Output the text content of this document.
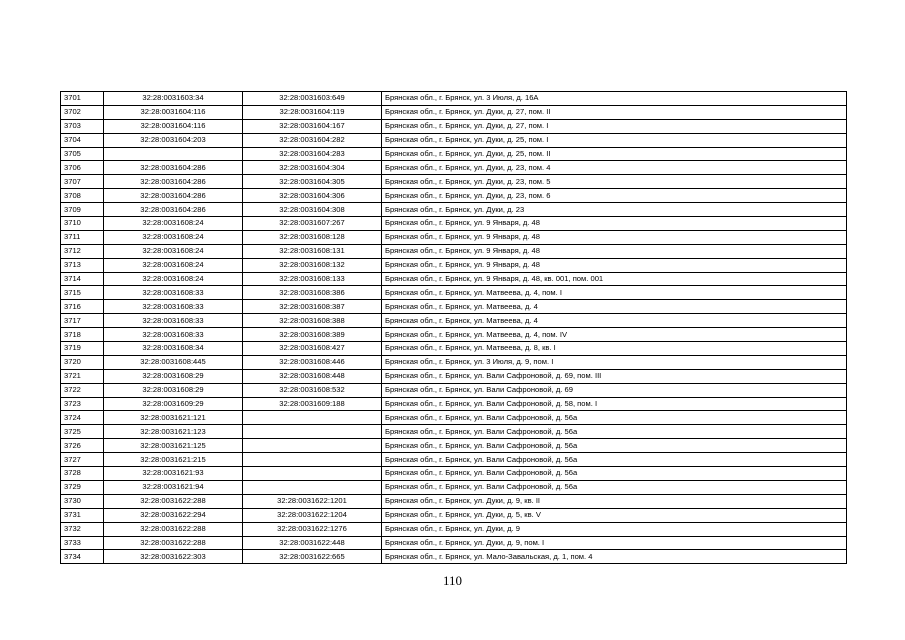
3701	32:28:0031603:34	32:28:0031603:649	Брянская обл., г. Брянск, ул. 3 Июля, д. 16А
3702	32:28:0031604:116	32:28:0031604:119	Брянская обл., г. Брянск, ул. Дуки, д. 27, пом. II
3703	32:28:0031604:116	32:28:0031604:167	Брянская обл., г. Брянск, ул. Дуки, д. 27, пом. I
3704	32:28:0031604:203	32:28:0031604:282	Брянская обл., г. Брянск, ул. Дуки, д. 25, пом. I
3705		32:28:0031604:283	Брянская обл., г. Брянск, ул. Дуки, д. 25, пом. II
3706	32:28:0031604:286	32:28:0031604:304	Брянская обл., г. Брянск, ул. Дуки, д. 23, пом. 4
3707	32:28:0031604:286	32:28:0031604:305	Брянская обл., г. Брянск, ул. Дуки, д. 23, пом. 5
3708	32:28:0031604:286	32:28:0031604:306	Брянская обл., г. Брянск, ул. Дуки, д. 23, пом. 6
3709	32:28:0031604:286	32:28:0031604:308	Брянская обл., г. Брянск, ул. Дуки, д. 23
3710	32:28:0031608:24	32:28:0031607:267	Брянская обл., г. Брянск, ул. 9 Января, д. 48
3711	32:28:0031608:24	32:28:0031608:128	Брянская обл., г. Брянск, ул. 9 Января, д. 48
3712	32:28:0031608:24	32:28:0031608:131	Брянская обл., г. Брянск, ул. 9 Января, д. 48
3713	32:28:0031608:24	32:28:0031608:132	Брянская обл., г. Брянск, ул. 9 Января, д. 48
3714	32:28:0031608:24	32:28:0031608:133	Брянская обл., г. Брянск, ул. 9 Января, д. 48, кв. 001, пом. 001
3715	32:28:0031608:33	32:28:0031608:386	Брянская обл., г. Брянск, ул. Матвеева, д. 4, пом. I
3716	32:28:0031608:33	32:28:0031608:387	Брянская обл., г. Брянск, ул. Матвеева, д. 4
3717	32:28:0031608:33	32:28:0031608:388	Брянская обл., г. Брянск, ул. Матвеева, д. 4
3718	32:28:0031608:33	32:28:0031608:389	Брянская обл., г. Брянск, ул. Матвеева, д. 4, пом. IV
3719	32:28:0031608:34	32:28:0031608:427	Брянская обл., г. Брянск, ул. Матвеева, д. 8, кв. I
3720	32:28:0031608:445	32:28:0031608:446	Брянская обл., г. Брянск, ул. 3 Июля, д. 9, пом. I
3721	32:28:0031608:29	32:28:0031608:448	Брянская обл., г. Брянск, ул. Вали Сафроновой, д. 69, пом. III
3722	32:28:0031608:29	32:28:0031608:532	Брянская обл., г. Брянск, ул. Вали Сафроновой, д. 69
3723	32:28:0031609:29	32:28:0031609:188	Брянская обл., г. Брянск, ул. Вали Сафроновой, д. 58, пом. I
3724	32:28:0031621:121		Брянская обл., г. Брянск, ул. Вали Сафроновой, д. 56а
3725	32:28:0031621:123		Брянская обл., г. Брянск, ул. Вали Сафроновой, д. 56а
3726	32:28:0031621:125		Брянская обл., г. Брянск, ул. Вали Сафроновой, д. 56а
3727	32:28:0031621:215		Брянская обл., г. Брянск, ул. Вали Сафроновой, д. 56а
3728	32:28:0031621:93		Брянская обл., г. Брянск, ул. Вали Сафроновой, д. 56а
3729	32:28:0031621:94		Брянская обл., г. Брянск, ул. Вали Сафроновой, д. 56а
3730	32:28:0031622:288	32:28:0031622:1201	Брянская обл., г. Брянск, ул. Дуки, д. 9, кв. II
3731	32:28:0031622:294	32:28:0031622:1204	Брянская обл., г. Брянск, ул. Дуки, д. 5, кв. V
3732	32:28:0031622:288	32:28:0031622:1276	Брянская обл., г. Брянск, ул. Дуки, д. 9
3733	32:28:0031622:288	32:28:0031622:448	Брянская обл., г. Брянск, ул. Дуки, д. 9, пом. I
3734	32:28:0031622:303	32:28:0031622:665	Брянская обл., г. Брянск, ул. Мало-Завальская, д. 1, пом. 4
110
